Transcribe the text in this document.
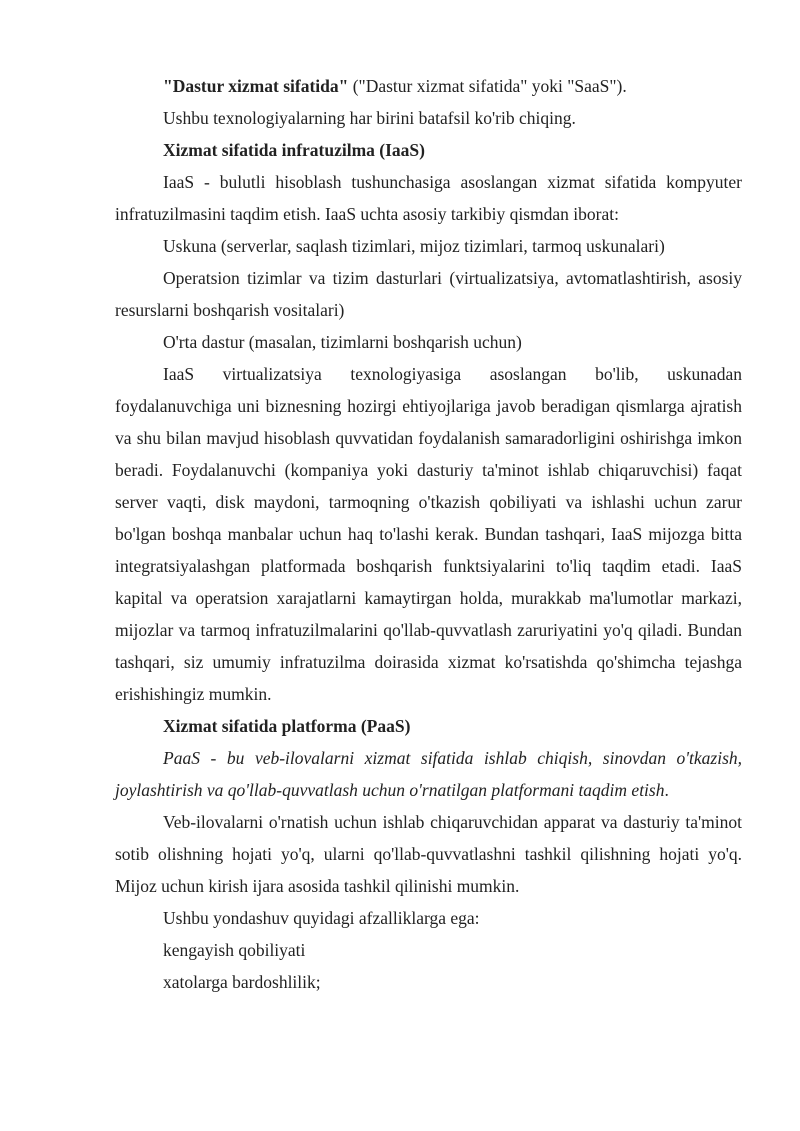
"Dastur xizmat sifatida" ("Dastur xizmat sifatida" yoki "SaaS").

Ushbu texnologiyalarning har birini batafsil ko'rib chiqing.

Xizmat sifatida infratuzilma (IaaS)

IaaS - bulutli hisoblash tushunchasiga asoslangan xizmat sifatida kompyuter infratuzilmasini taqdim etish. IaaS uchta asosiy tarkibiy qismdan iborat:

Uskuna (serverlar, saqlash tizimlari, mijoz tizimlari, tarmoq uskunalari)

Operatsion tizimlar va tizim dasturlari (virtualizatsiya, avtomatlashtirish, asosiy resurslarni boshqarish vositalari)

O'rta dastur (masalan, tizimlarni boshqarish uchun)

IaaS virtualizatsiya texnologiyasiga asoslangan bo'lib, uskunadan foydalanuvchiga uni biznesning hozirgi ehtiyojlariga javob beradigan qismlarga ajratish va shu bilan mavjud hisoblash quvvatidan foydalanish samaradorligini oshirishga imkon beradi. Foydalanuvchi (kompaniya yoki dasturiy ta'minot ishlab chiqaruvchisi) faqat server vaqti, disk maydoni, tarmoqning o'tkazish qobiliyati va ishlashi uchun zarur bo'lgan boshqa manbalar uchun haq to'lashi kerak. Bundan tashqari, IaaS mijozga bitta integratsiyalashgan platformada boshqarish funktsiyalarini to'liq taqdim etadi. IaaS kapital va operatsion xarajatlarni kamaytirgan holda, murakkab ma'lumotlar markazi, mijozlar va tarmoq infratuzilmalarini qo'llab-quvvatlash zaruriyatini yo'q qiladi. Bundan tashqari, siz umumiy infratuzilma doirasida xizmat ko'rsatishda qo'shimcha tejashga erishishingiz mumkin.

Xizmat sifatida platforma (PaaS)

PaaS - bu veb-ilovalarni xizmat sifatida ishlab chiqish, sinovdan o'tkazish, joylashtirish va qo'llab-quvvatlash uchun o'rnatilgan platformani taqdim etish.

Veb-ilovalarni o'rnatish uchun ishlab chiqaruvchidan apparat va dasturiy ta'minot sotib olishning hojati yo'q, ularni qo'llab-quvvatlashni tashkil qilishning hojati yo'q. Mijoz uchun kirish ijara asosida tashkil qilinishi mumkin.

Ushbu yondashuv quyidagi afzalliklarga ega:

kengayish qobiliyati

xatolarga bardoshlilik;
